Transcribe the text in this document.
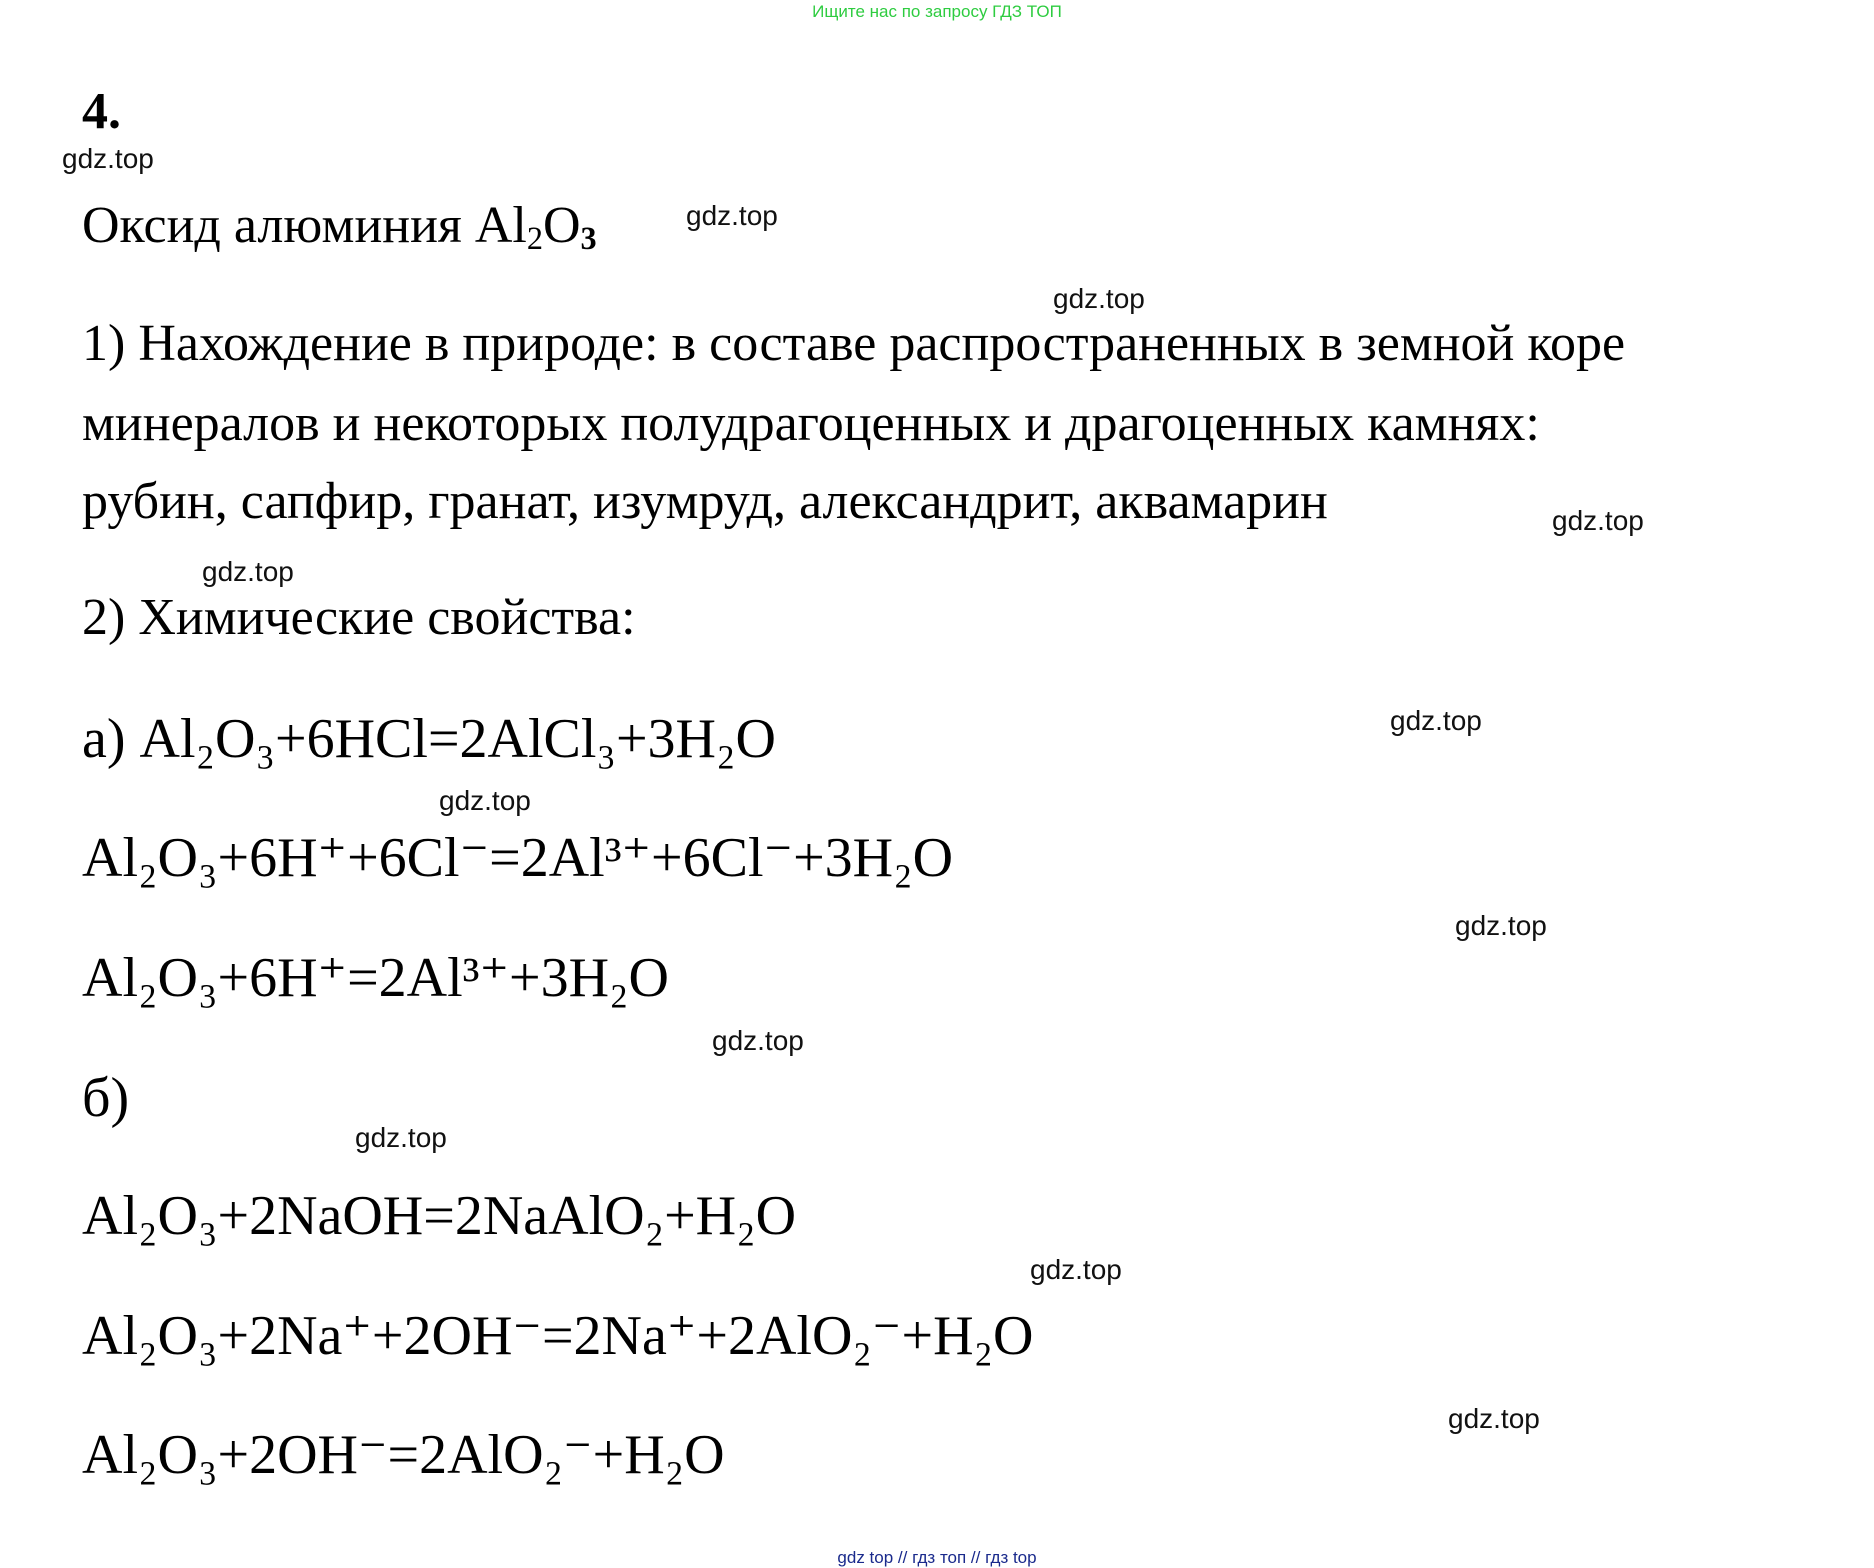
Ищите нас по запросу ГДЗ ТОП
4.
gdz.top
gdz.top
gdz.top
gdz.top
gdz.top
gdz.top
gdz.top
gdz.top
gdz.top
gdz.top
gdz.top
gdz.top
Оксид алюминия $Al_2O_3$
1) Нахождение в природе: в составе распространенных в земной коре
минералов и некоторых полудрагоценных и драгоценных камнях:
рубин, сапфир, гранат, изумруд, александрит, аквамарин
2) Химические свойства:
а) Al₂O₃+6HCl=2AlCl₃+3H₂O
Al₂O₃+6H⁺+6Cl⁻=2Al³⁺+6Cl⁻+3H₂O
Al₂O₃+6H⁺=2Al³⁺+3H₂O
б)
Al₂O₃+2NaOH=2NaAlO₂+H₂O
Al₂O₃+2Na⁺+2OH⁻=2Na⁺+2AlO₂⁻+H₂O
Al₂O₃+2OH⁻=2AlO₂⁻+H₂O
gdz top // гдз топ // гдз top
